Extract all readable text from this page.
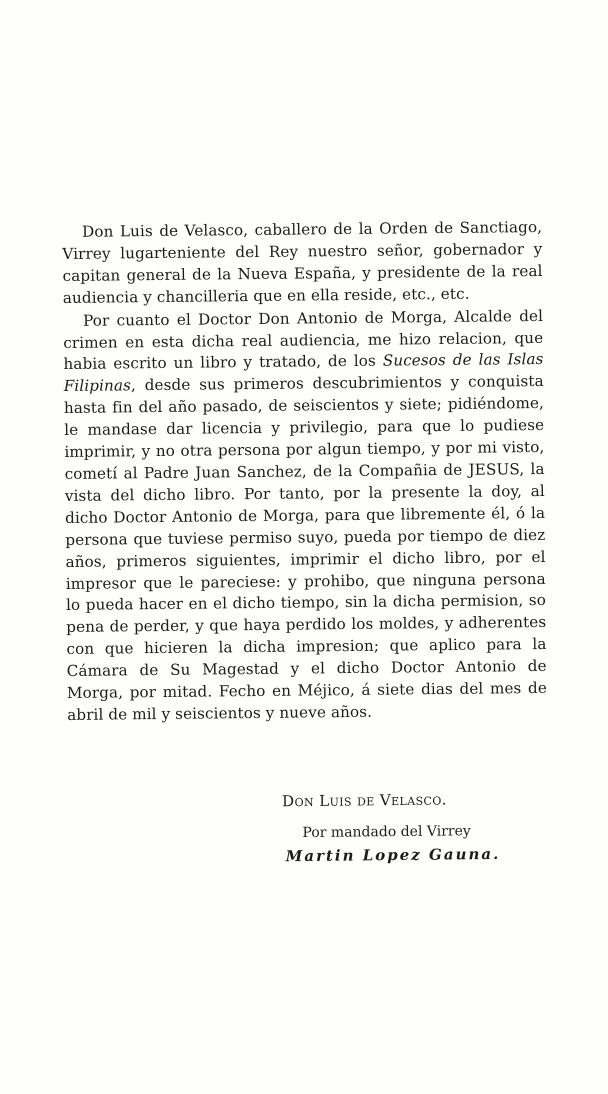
Don Luis de Velasco, caballero de la Orden de Sanctiago, Virrey lugarteniente del Rey nuestro señor, gobernador y capitan general de la Nueva España, y presidente de la real audiencia y chancilleria que en ella reside, etc., etc.

Por cuanto el Doctor Don Antonio de Morga, Alcalde del crimen en esta dicha real audiencia, me hizo relacion, que habia escrito un libro y tratado, de los Sucesos de las Islas Filipinas, desde sus primeros descubrimientos y conquista hasta fin del año pasado, de seiscientos y siete; pidiéndome, le mandase dar licencia y privilegio, para que lo pudiese imprimir, y no otra persona por algun tiempo, y por mi visto, cometí al Padre Juan Sanchez, de la Compañia de JESUS, la vista del dicho libro. Por tanto, por la presente la doy, al dicho Doctor Antonio de Morga, para que libremente él, ó la persona que tuviese permiso suyo, pueda por tiempo de diez años, primeros siguientes, imprimir el dicho libro, por el impresor que le pareciese: y prohibo, que ninguna persona lo pueda hacer en el dicho tiempo, sin la dicha permision, so pena de perder, y que haya perdido los moldes, y adherentes con que hicieren la dicha impresion; que aplico para la Cámara de Su Magestad y el dicho Doctor Antonio de Morga, por mitad. Fecho en Méjico, á siete dias del mes de abril de mil y seiscientos y nueve años.

Don Luis de Velasco.
Por mandado del Virrey
Martin Lopez Gauna.
